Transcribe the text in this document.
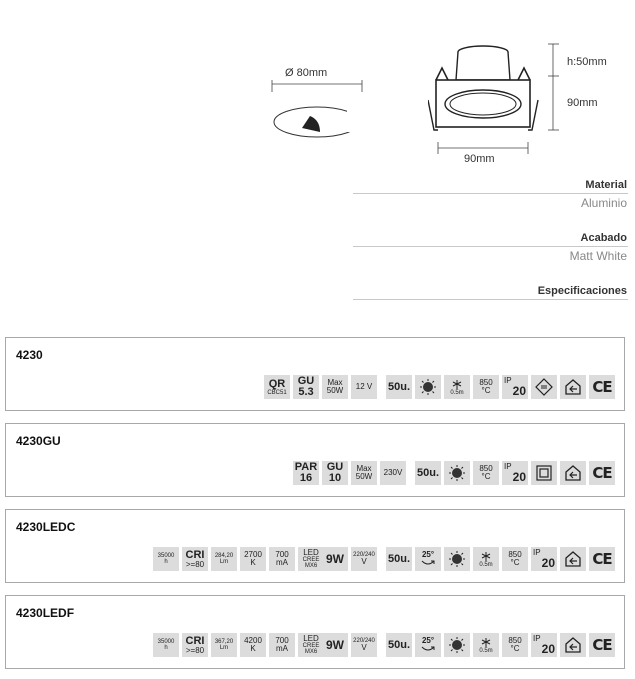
Ø 80mm
h:50mm
90mm
90mm
Material
Aluminio
Acabado
Matt White
Especificaciones
4230
QR
CBC51
GU
5.3
Max
50W 12 V 50u.	0.5m
850
°C
IP
20	CE
4230GU
PAR
16
GU
10
Max
50W 230V 50u.	850
°C
IP
20	CE
4230LEDC
35000
h
CRI
>=80
284,20
Lm
2700
K
700
mA
LED
CREE
MX6 9W 220/240
V 50u. 25°
0.5m
850
°C
IP
20 CE
4230LEDF
35000
h
CRI
>=80
367,20
Lm
4200
K
700
mA
LED
CREE
MX6 9W 220/240
V 50u. 25°
0.5m
850
°C
IP
20 CE
